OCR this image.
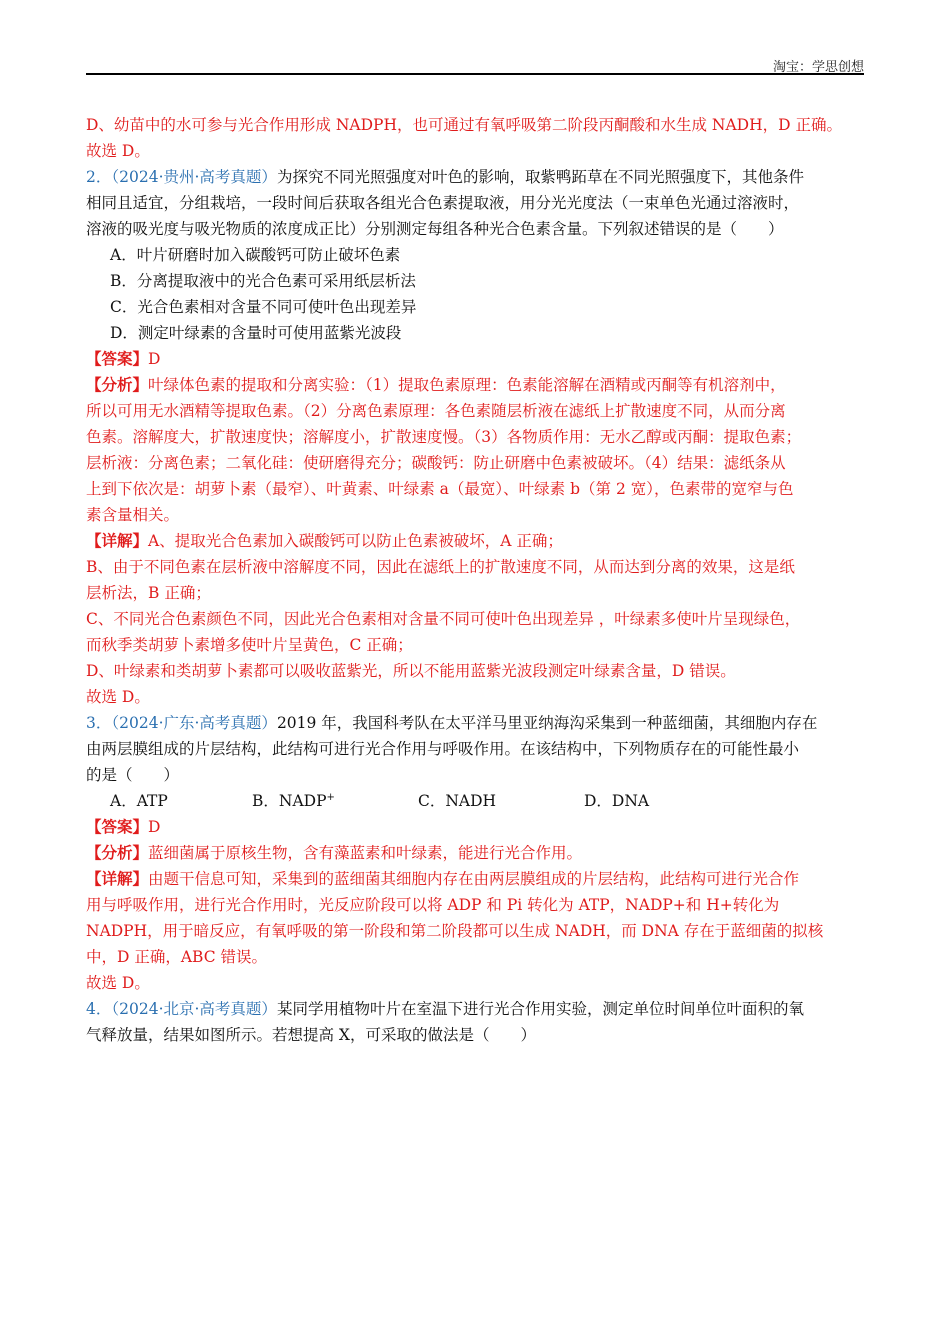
淘宝：学思创想
D、幼苗中的水可参与光合作用形成 NADPH，也可通过有氧呼吸第二阶段丙酮酸和水生成 NADH，D 正确。
故选 D。
2．（2024·贵州·高考真题）为探究不同光照强度对叶色的影响，取紫鸭跖草在不同光照强度下，其他条件
相同且适宜，分组栽培，一段时间后获取各组光合色素提取液，用分光光度法（一束单色光通过溶液时，
溶液的吸光度与吸光物质的浓度成正比）分别测定每组各种光合色素含量。下列叙述错误的是（　　）
A．叶片研磨时加入碳酸钙可防止破坏色素
B．分离提取液中的光合色素可采用纸层析法
C．光合色素相对含量不同可使叶色出现差异
D．测定叶绿素的含量时可使用蓝紫光波段
【答案】D
【分析】叶绿体色素的提取和分离实验：（1）提取色素原理：色素能溶解在酒精或丙酮等有机溶剂中，
所以可用无水酒精等提取色素。（2）分离色素原理：各色素随层析液在滤纸上扩散速度不同，从而分离
色素。溶解度大，扩散速度快；溶解度小，扩散速度慢。（3）各物质作用：无水乙醇或丙酮：提取色素；
层析液：分离色素；二氧化硅：使研磨得充分；碳酸钙：防止研磨中色素被破坏。（4）结果：滤纸条从
上到下依次是：胡萝卜素（最窄）、叶黄素、叶绿素 a（最宽）、叶绿素 b（第 2 宽），色素带的宽窄与色
素含量相关。
【详解】A、提取光合色素加入碳酸钙可以防止色素被破坏，A 正确；
B、由于不同色素在层析液中溶解度不同，因此在滤纸上的扩散速度不同，从而达到分离的效果，这是纸
层析法，B 正确；
C、不同光合色素颜色不同，因此光合色素相对含量不同可使叶色出现差异 ，叶绿素多使叶片呈现绿色，
而秋季类胡萝卜素增多使叶片呈黄色，C 正确；
D、叶绿素和类胡萝卜素都可以吸收蓝紫光，所以不能用蓝紫光波段测定叶绿素含量，D 错误。
故选 D。
3．（2024·广东·高考真题）2019 年，我国科考队在太平洋马里亚纳海沟采集到一种蓝细菌，其细胞内存在
由两层膜组成的片层结构，此结构可进行光合作用与呼吸作用。在该结构中，下列物质存在的可能性最小
的是（　　）
A．ATP	B．NADP+	C．NADH	D．DNA
【答案】D
【分析】蓝细菌属于原核生物，含有藻蓝素和叶绿素，能进行光合作用。
【详解】由题干信息可知，采集到的蓝细菌其细胞内存在由两层膜组成的片层结构，此结构可进行光合作
用与呼吸作用，进行光合作用时，光反应阶段可以将 ADP 和 Pi 转化为 ATP，NADP+和 H+转化为
NADPH，用于暗反应，有氧呼吸的第一阶段和第二阶段都可以生成 NADH，而 DNA 存在于蓝细菌的拟核
中，D 正确，ABC 错误。
故选 D。
4．（2024·北京·高考真题）某同学用植物叶片在室温下进行光合作用实验，测定单位时间单位叶面积的氧
气释放量，结果如图所示。若想提高 X，可采取的做法是（　　）
